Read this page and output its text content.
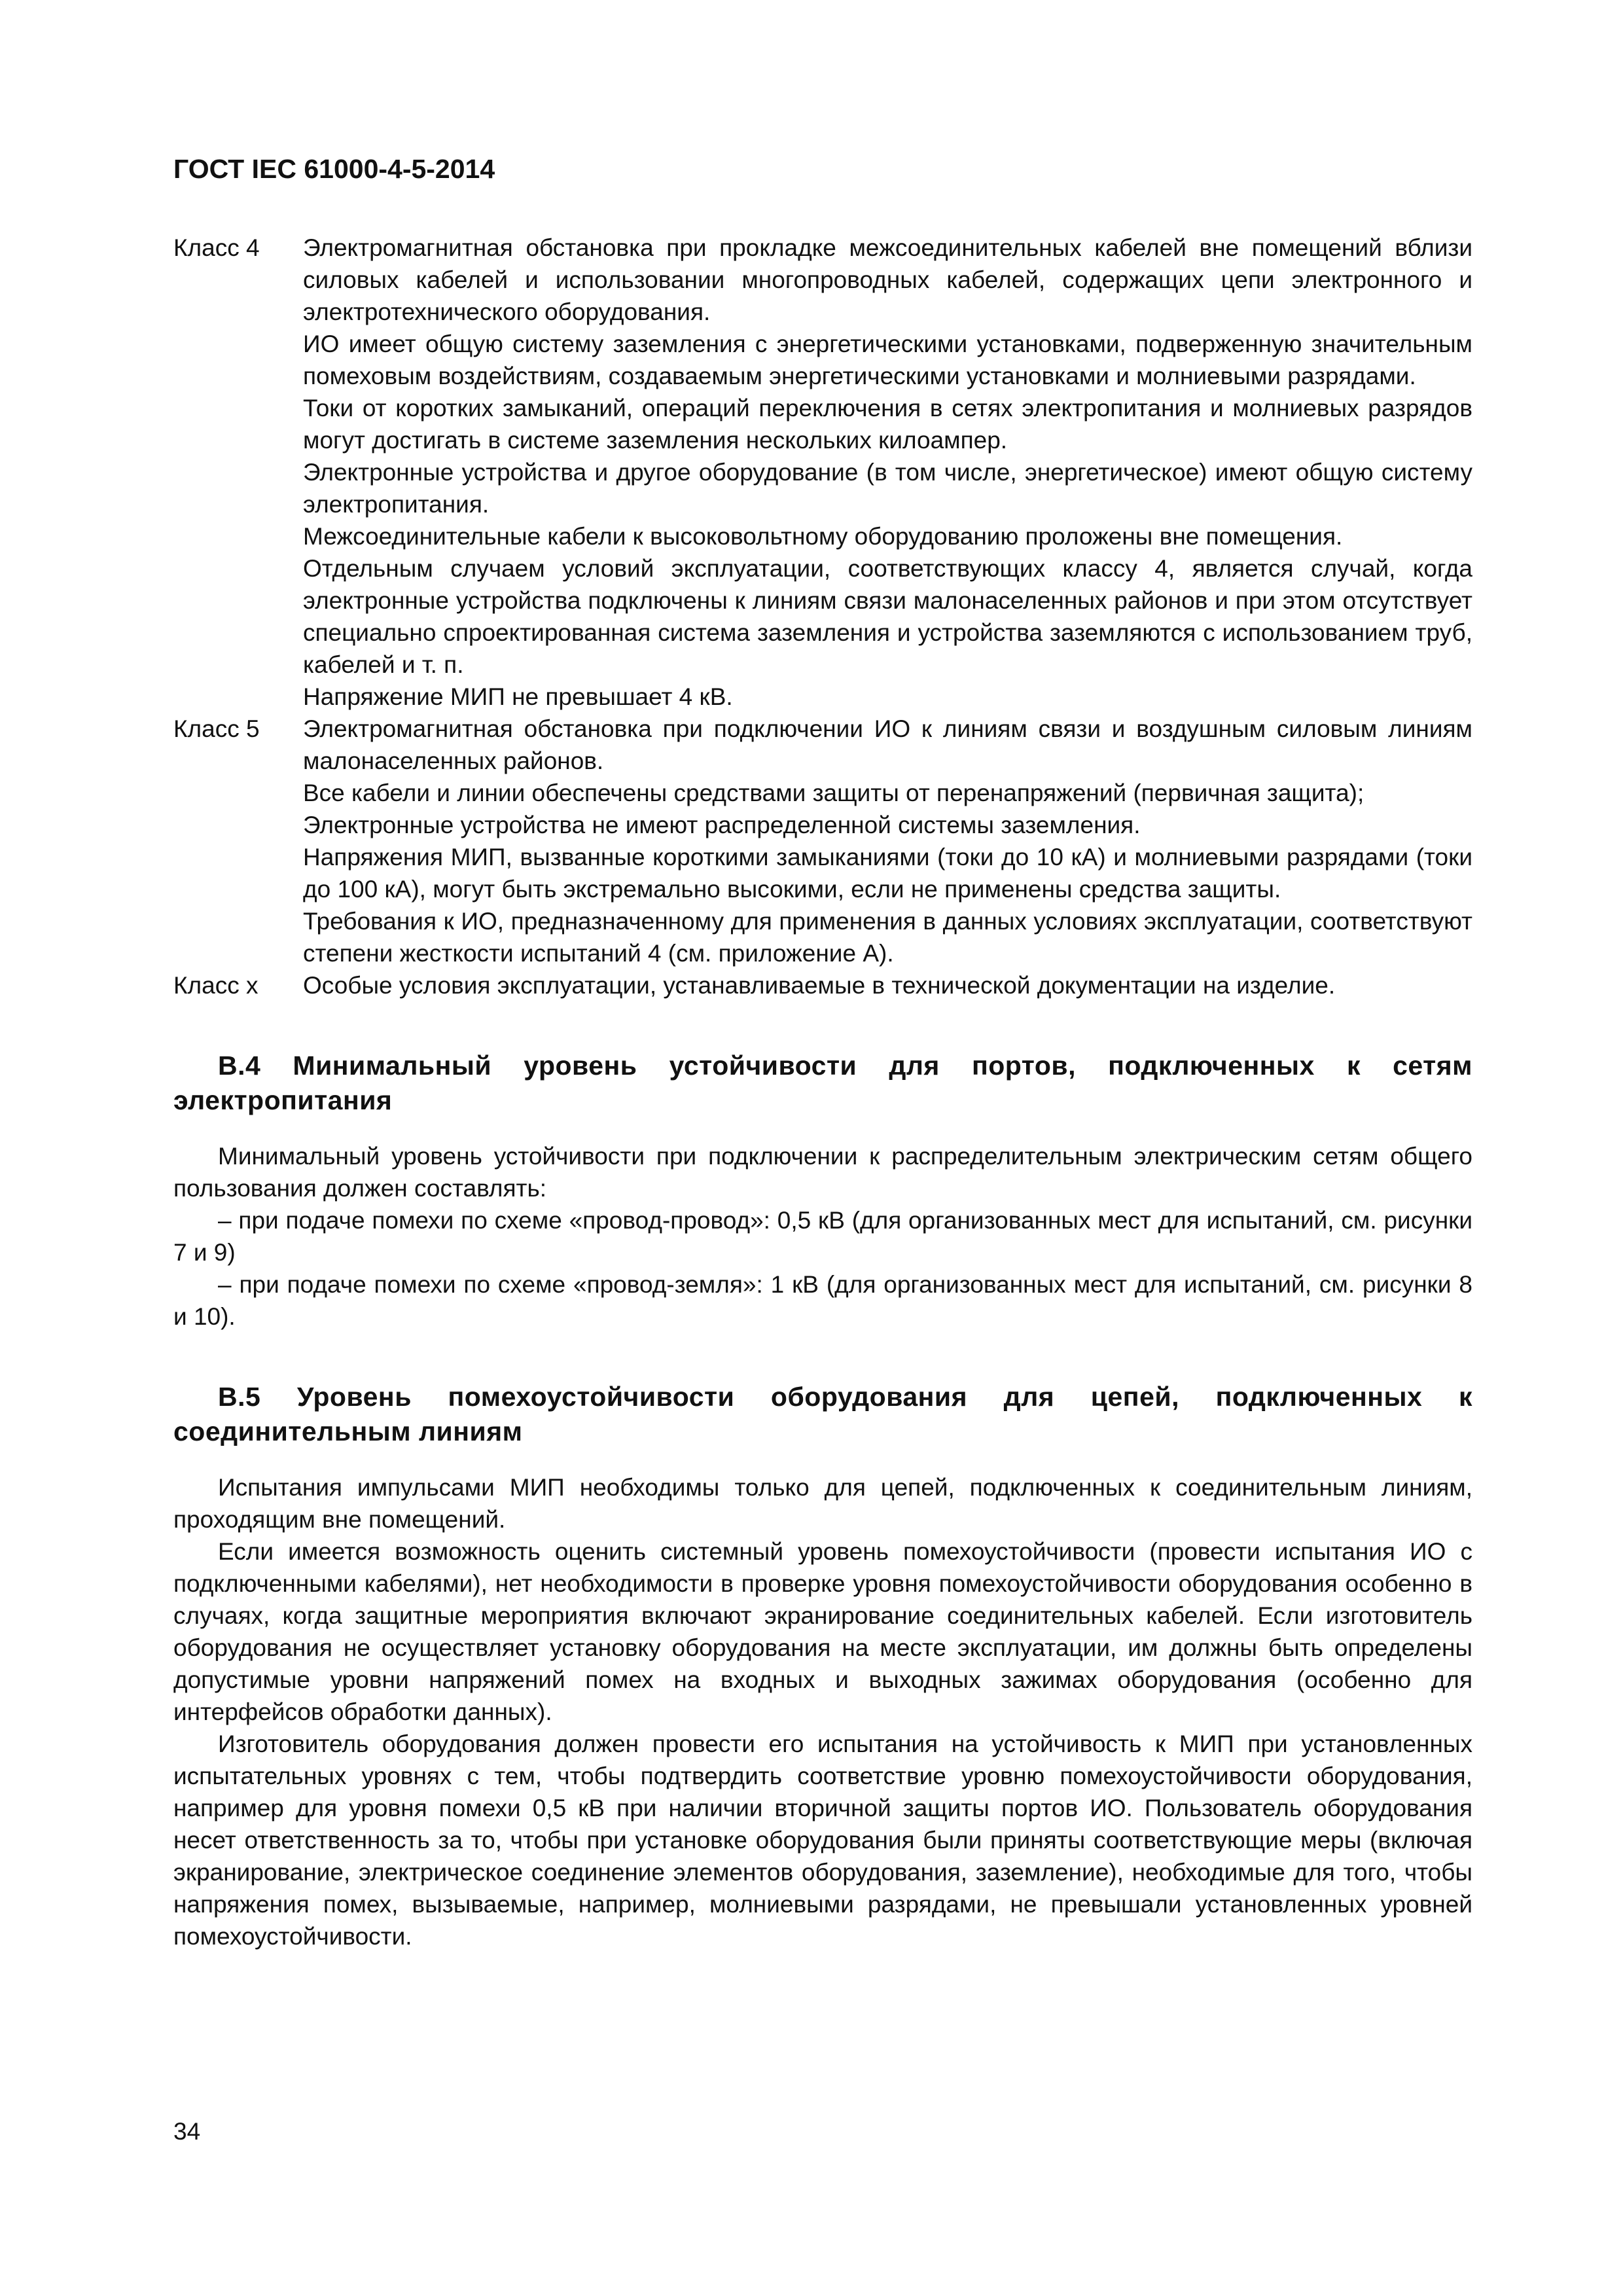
ГОСТ IEC 61000-4-5-2014
Класс 4	Электромагнитная обстановка при прокладке межсоединительных кабелей вне помещений вблизи силовых кабелей и использовании многопроводных кабелей, содержащих цепи электронного и электротехнического оборудования.

ИО имеет общую систему заземления с энергетическими установками, подверженную значительным помеховым воздействиям, создаваемым энергетическими установками и молниевыми разрядами.

Токи от коротких замыканий, операций переключения в сетях электропитания и молниевых разрядов могут достигать в системе заземления нескольких килоампер.

Электронные устройства и другое оборудование (в том числе, энергетическое) имеют общую систему электропитания.

Межсоединительные кабели к высоковольтному оборудованию проложены вне помещения.

Отдельным случаем условий эксплуатации, соответствующих классу 4, является случай, когда электронные устройства подключены к линиям связи малонаселенных районов и при этом отсутствует специально спроектированная система заземления и устройства заземляются с использованием труб, кабелей и т. п.

Напряжение МИП не превышает 4 кВ.

Класс 5	Электромагнитная обстановка при подключении ИО к линиям связи и воздушным силовым линиям малонаселенных районов.

Все кабели и линии обеспечены средствами защиты от перенапряжений (первичная защита);

Электронные устройства не имеют распределенной системы заземления.

Напряжения МИП, вызванные короткими замыканиями (токи до 10 кА) и молниевыми разрядами (токи до 100 кА), могут быть экстремально высокими, если не применены средства защиты.

Требования к ИО, предназначенному для применения в данных условиях эксплуатации, соответствуют степени жесткости испытаний 4 (см. приложение А).

Класс х	Особые условия эксплуатации, устанавливаемые в технической документации на изделие.

В.4 Минимальный уровень устойчивости для портов, подключенных к сетям электропитания

Минимальный уровень устойчивости при подключении к распределительным электрическим сетям общего пользования должен составлять:

– при подаче помехи по схеме «провод-провод»: 0,5 кВ (для организованных мест для испытаний, см. рисунки 7 и 9)

– при подаче помехи по схеме «провод-земля»: 1 кВ (для организованных мест для испытаний, см. рисунки 8 и 10).

В.5 Уровень помехоустойчивости оборудования для цепей, подключенных к соединительным линиям

Испытания импульсами МИП необходимы только для цепей, подключенных к соединительным линиям, проходящим вне помещений.

Если имеется возможность оценить системный уровень помехоустойчивости (провести испытания ИО с подключенными кабелями), нет необходимости в проверке уровня помехоустойчивости оборудования особенно в случаях, когда защитные мероприятия включают экранирование соединительных кабелей. Если изготовитель оборудования не осуществляет установку оборудования на месте эксплуатации, им должны быть определены допустимые уровни напряжений помех на входных и выходных зажимах оборудования (особенно для интерфейсов обработки данных).

Изготовитель оборудования должен провести его испытания на устойчивость к МИП при установленных испытательных уровнях с тем, чтобы подтвердить соответствие уровню помехоустойчивости оборудования, например для уровня помехи 0,5 кВ при наличии вторичной защиты портов ИО. Пользователь оборудования несет ответственность за то, чтобы при установке оборудования были приняты соответствующие меры (включая экранирование, электрическое соединение элементов оборудования, заземление), необходимые для того, чтобы напряжения помех, вызываемые, например, молниевыми разрядами, не превышали установленных уровней помехоустойчивости.

34
